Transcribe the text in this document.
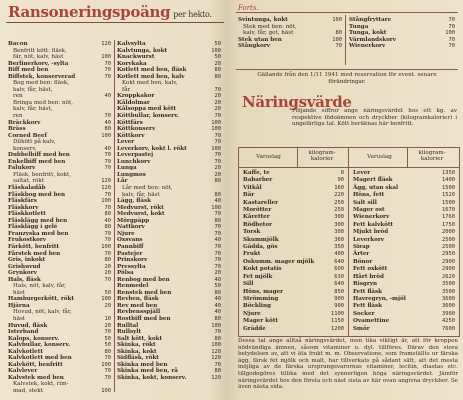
Ransoneringspoäng per hekto.
Bacon	120
Benfritt kött: fläsk,
fär, nöt, kalv, häst	100
Berlinerkorv, -sylta	70
Biff med ben	70
Biffstek, konserverad	70
Bog med ben: fläsk,
kalv, får, häst,
ren	40
Bringa med ben: nöt,
kalv, får, häst,
ren	70
Bräckkorv	40
Bräss	80
Corned Beef	100
Dilkött på kalv,
konserv.	40
Dubbelbiff med ben	70
Enkelbiff med ben	70
Falukorv	70
Fläsk, benfritt, kokt,
saltat, rökt	120
Fläskaladåb	120
Fläskbog med ben	70
Fläskfärs	100
Fläskkorv	70
Fläskkotlett	80
Fläsklägg med ben	40
Fläsklägg i gelé	80
Franzyska med ben	70
Frukostkorv	70
Färkött, benfritt	100
Fårstek med ben	70
Gris, inkokt	80
Grishuvud	20
Grynkorv	20
Hals, fläsk	70
Hals, nöt, kalv, får,
häst	50
Hamburgerkött, rökt	100
Hjärna	20
Hovud, nöt, kalv, får,
häst	10
Huvud, fläsk	20
Isterband	70
Kalops, konserv.	50
Kalvbullar, konserv.	50
Kalvkotlett	80
Kalvkotlett med ben	70
Kalvkött, benfritt	100
Kalvlever	70
Kalvstek med ben	70
Kalvstek, kokt, rim-
mad, stekt	100
Kalvsylta	50
Kalvtunga, kokt	100
Knackwurst	50
Korvkaka	20
Kotlett med ben, fläsk	80
Kotlett med ben, kalv	80
Kokt med ben, kalv,
får	70
Kroppkakor	20
Kåldolmar	20
Kålsoppa med kött	20
Köttbullar, konserv.	70
Köttfärs	100
Köttkonserv	100
Köttkorv	70
Lever	70
Leverkorv, kokt l. rökt	100
Leverpastej	70
Lunchkorv	70
Lunga	20
Lungmos	20
Lår	80
Lår med ben: nöt,
kalv, får, häst	80
Lägg, fläsk	40
Medvurst, rökt	100
Medvurst, kokt	70
Mörgpäpp	80
Nattkorv	70
Njure	70
Oxsvans	40
Pannbiff	70
Pastejer	70
Prinskorv	70
Pressylta	70
Pölsa	20
Renbog med ben	40
Renmedel	50
Renstek med ben	80
Revben, fläsk	40
Rev med ben	40
Revbensspjäll	40
Rostbiff med ben	80
Rulltal	100
Rullsylt	70
Salt kött, kokt	80
Skinka, rökt	100
Skinka, kokt	120
Sidfläsk, rökt	120
Skinka med ben	70
Skinka med ben, rå	80
Skinka, kokt, konserv.	120
Forts.
Svintunga, kokt	100
Stek med ben: nöt,
kalv, får, get, häst	80
Stek utan ben	100
Stångkorv	70
Stångfryttare	70
Tunga	70
Tunga, kokt	100
Värmlandskorv	70
Wienerkorv	70
Gällande från den 1/11 1941 med reservation för event. senare förändringar.
Näringsvärde
Följande siffror ange näringsvärdet hos ett kg. av respektive födoämnen och dryckber (kilogramkalorier) i ungefärliga tal. Kött beräknas här benfritt.
Varuslag
kilogram-kalorier	Varuslag
kilogram-kalorier
Kaffe, te	0
Babarber	90
Vitkål	160
Bär	220
Kastareller	250
Morötter	250
Kåretter	300
Rödbetor	300
Torsk	300
Skummjölk	360
Gädda, gös	350
Frukt	400
Oskumm. mager mjölk	640
Kokt potatis	600
Fet mjölk	630
Sill	640
Höns, mager	850
Strömming	900
Böckling	900
Njure	1100
Mager kött	1150
Grädde	1200
Lever	1350
Magert fläsk	1400
Ägg, utan skal	1500
Höns, fett	1520
Salt sill	1500
Mager ost	1670
Wienerkorv	1760
Fett kalvkött	1750
Mjukt bröd	2000
Leverkorv	2500
Sirap	2500
Ärter	2950
Bönor	2900
Fett oxkött	2900
Hårt bröd	2620
Risgryn	3500
Fett fläsk	3500
Havregryn, -mjöl	3600
Fett fläsk	3600
Socker	3900
Ovamettine	4250
Smör	7600
Dessa tal ange alltså näringsvärdet, men tika viktigt är, att för kroppen nödvändiga ämnen, såsom vitaminer o. dyl. tillföres. Därav den stora betydelsen av, att vi äta frukt m. m. Observatione, som framställts ur färska ägg, färsk fet mjölk och malt, har tillverkats på sådant sätt, att det mesta möjliga av de färska ursprungsvarornas vitaminer, lecitin, diastas etc. tillgodogöres tillika med det synnerligen höga näringsvärdet. Jämför näringsvärdet hos den första och näst sista av här ovan angivna dryckber. Se även nästa sida.
